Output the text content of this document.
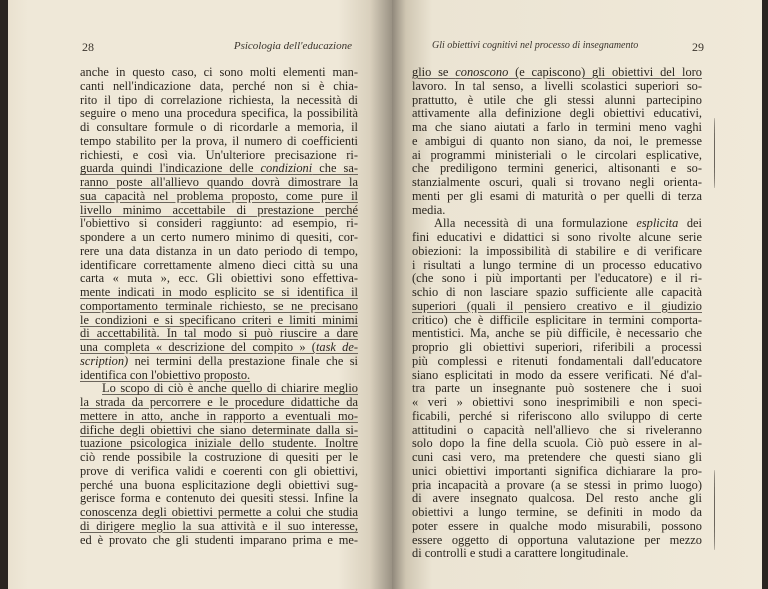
28	Psicologia dell'educazione
anche in questo caso, ci sono molti elementi man-
canti nell'indicazione data, perché non si è chia-
rito il tipo di correlazione richiesta, la necessità di
seguire o meno una procedura specifica, la possibilità
di consultare formule o di ricordarle a memoria, il
tempo stabilito per la prova, il numero di coefficienti
richiesti, e così via. Un'ulteriore precisazione ri-
guarda quindi l'indicazione delle condizioni che sa-
ranno poste all'allievo quando dovrà dimostrare la
sua capacità nel problema proposto, come pure il
livello minimo accettabile di prestazione perché
l'obiettivo si consideri raggiunto: ad esempio, ri-
spondere a un certo numero minimo di quesiti, cor-
rere una data distanza in un dato periodo di tempo,
identificare correttamente almeno dieci città su una
carta « muta », ecc. Gli obiettivi sono effettiva-
mente indicati in modo esplicito se si identifica il
comportamento terminale richiesto, se ne precisano
le condizioni e si specificano criteri e limiti minimi
di accettabilità. In tal modo si può riuscire a dare
una completa « descrizione del compito » (task de-
scription) nei termini della prestazione finale che si
identifica con l'obiettivo proposto.
Lo scopo di ciò è anche quello di chiarire meglio
la strada da percorrere e le procedure didattiche da
mettere in atto, anche in rapporto a eventuali mo-
difiche degli obiettivi che siano determinate dalla si-
tuazione psicologica iniziale dello studente. Inoltre
ciò rende possibile la costruzione di quesiti per le
prove di verifica validi e coerenti con gli obiettivi,
perché una buona esplicitazione degli obiettivi sug-
gerisce forma e contenuto dei quesiti stessi. Infine la
conoscenza degli obiettivi permette a colui che studia
di dirigere meglio la sua attività e il suo interesse,
ed è provato che gli studenti imparano prima e me-
Gli obiettivi cognitivi nel processo di insegnamento	29
glio se conoscono (e capiscono) gli obiettivi del loro
lavoro. In tal senso, a livelli scolastici superiori so-
prattutto, è utile che gli stessi alunni partecipino
attivamente alla definizione degli obiettivi educativi,
ma che siano aiutati a farlo in termini meno vaghi
e ambigui di quanto non siano, da noi, le premesse
ai programmi ministeriali o le circolari esplicative,
che prediligono termini generici, altisonanti e so-
stanzialmente oscuri, quali si trovano negli orienta-
menti per gli esami di maturità o per quelli di terza
media.
Alla necessità di una formulazione esplicita dei
fini educativi e didattici si sono rivolte alcune serie
obiezioni: la impossibilità di stabilire e di verificare
i risultati a lungo termine di un processo educativo
(che sono i più importanti per l'educatore) e il ri-
schio di non lasciare spazio sufficiente alle capacità
superiori (quali il pensiero creativo e il giudizio
critico) che è difficile esplicitare in termini comporta-
mentistici. Ma, anche se più difficile, è necessario che
proprio gli obiettivi superiori, riferibili a processi
più complessi e ritenuti fondamentali dall'educatore
siano esplicitati in modo da essere verificati. Né d'al-
tra parte un insegnante può sostenere che i suoi
« veri » obiettivi sono inesprimibili e non speci-
ficabili, perché si riferiscono allo sviluppo di certe
attitudini o capacità nell'allievo che si riveleranno
solo dopo la fine della scuola. Ciò può essere in al-
cuni casi vero, ma pretendere che questi siano gli
unici obiettivi importanti significa dichiarare la pro-
pria incapacità a provare (a se stessi in primo luogo)
di avere insegnato qualcosa. Del resto anche gli
obiettivi a lungo termine, se definiti in modo da
poter essere in qualche modo misurabili, possono
essere oggetto di opportuna valutazione per mezzo
di controlli e studi a carattere longitudinale.
